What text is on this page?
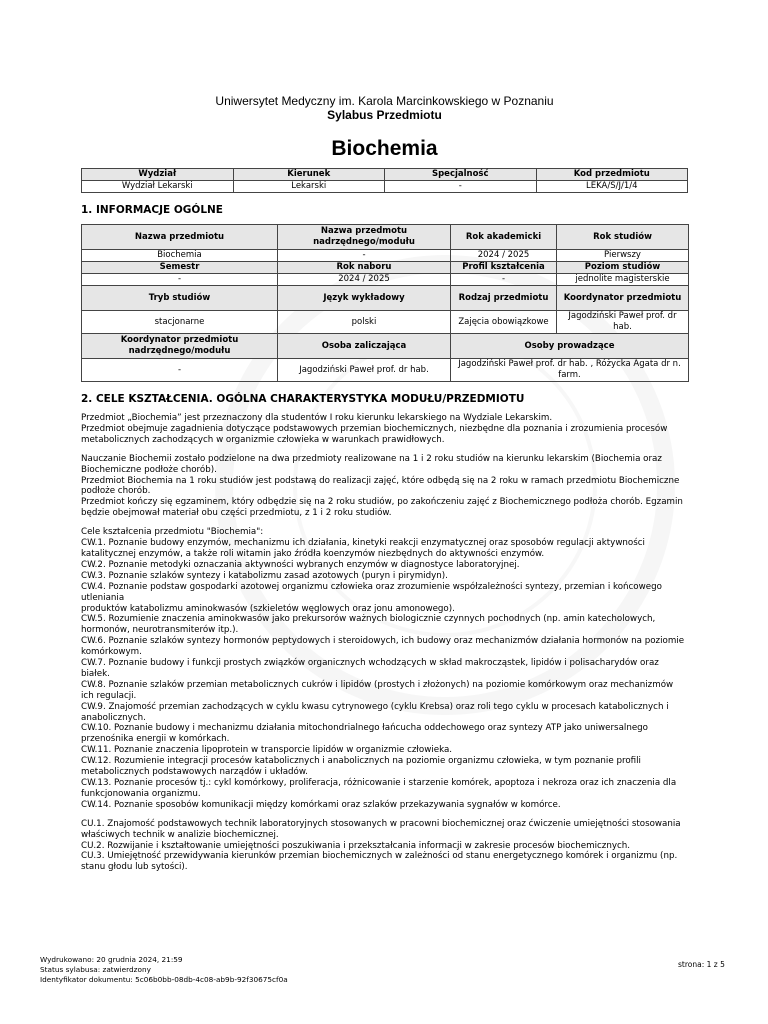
Uniwersytet Medyczny im. Karola Marcinkowskiego w Poznaniu
Sylabus Przedmiotu
Biochemia
Wydział	Kierunek	Specjalność	Kod przedmiotu
Wydział Lekarski	Lekarski	-	LEKA/S/J/1/4
1. INFORMACJE OGÓLNE
Nazwa przedmiotu	Nazwa przedmotu nadrzędnego/modułu	Rok akademicki	Rok studiów
Biochemia	-	2024 / 2025	Pierwszy
Semestr	Rok naboru	Profil kształcenia	Poziom studiów
-	2024 / 2025	-	jednolite magisterskie
Tryb studiów	Język wykładowy	Rodzaj przedmiotu	Koordynator przedmiotu
stacjonarne	polski	Zajęcia obowiązkowe	Jagodziński Paweł prof. dr hab.
Koordynator przedmiotu nadrzędnego/modułu	Osoba zaliczająca	Osoby prowadzące	
-	Jagodziński Paweł prof. dr hab.	Jagodziński Paweł prof. dr hab. , Różycka Agata dr n. farm.	
2. CELE KSZTAŁCENIA. OGÓLNA CHARAKTERYSTYKA MODUŁU/PRZEDMIOTU

Przedmiot „Biochemia” jest przeznaczony dla studentów I roku kierunku lekarskiego na Wydziale Lekarskim.

Przedmiot obejmuje zagadnienia dotyczące podstawowych przemian biochemicznych, niezbędne dla poznania i zrozumienia procesów metabolicznych zachodzących w organizmie człowieka w warunkach prawidłowych.

Nauczanie Biochemii zostało podzielone na dwa przedmioty realizowane na 1 i 2 roku studiów na kierunku lekarskim (Biochemia oraz Biochemiczne podłoże chorób).

Przedmiot Biochemia na 1 roku studiów jest podstawą do realizacji zajęć, które odbędą się na 2 roku w ramach przedmiotu Biochemiczne podłoże chorób.

Przedmiot kończy się egzaminem, który odbędzie się na 2 roku studiów, po zakończeniu zajęć z Biochemicznego podłoża chorób. Egzamin będzie obejmował materiał obu części przedmiotu, z 1 i 2 roku studiów.

Cele kształcenia przedmiotu "Biochemia":

CW.1. Poznanie budowy enzymów, mechanizmu ich działania, kinetyki reakcji enzymatycznej oraz sposobów regulacji aktywności

katalitycznej enzymów, a także roli witamin jako źródła koenzymów niezbędnych do aktywności enzymów.

CW.2. Poznanie metodyki oznaczania aktywności wybranych enzymów w diagnostyce laboratoryjnej.

CW.3. Poznanie szlaków syntezy i katabolizmu zasad azotowych (puryn i pirymidyn).

CW.4. Poznanie podstaw gospodarki azotowej organizmu człowieka oraz zrozumienie współzależności syntezy, przemian i końcowego utleniania

produktów katabolizmu aminokwasów (szkieletów węglowych oraz jonu amonowego).

CW.5. Rozumienie znaczenia aminokwasów jako prekursorów ważnych biologicznie czynnych pochodnych (np. amin katecholowych, hormonów, neurotransmiterów itp.).

CW.6. Poznanie szlaków syntezy hormonów peptydowych i steroidowych, ich budowy oraz mechanizmów działania hormonów na poziomie komórkowym.

CW.7. Poznanie budowy i funkcji prostych związków organicznych wchodzących w skład makrocząstek, lipidów i polisacharydów oraz białek.

CW.8. Poznanie szlaków przemian metabolicznych cukrów i lipidów (prostych i złożonych) na poziomie komórkowym oraz mechanizmów ich regulacji.

CW.9. Znajomość przemian zachodzących w cyklu kwasu cytrynowego (cyklu Krebsa) oraz roli tego cyklu w procesach katabolicznych i anabolicznych.

CW.10. Poznanie budowy i mechanizmu działania mitochondrialnego łańcucha oddechowego oraz syntezy ATP jako uniwersalnego przenośnika energii w komórkach.

CW.11. Poznanie znaczenia lipoprotein w transporcie lipidów w organizmie człowieka.

CW.12. Rozumienie integracji procesów katabolicznych i anabolicznych na poziomie organizmu człowieka, w tym poznanie profili metabolicznych podstawowych narządów i układów.

CW.13. Poznanie procesów tj.: cykl komórkowy, proliferacja, różnicowanie i starzenie komórek, apoptoza i nekroza oraz ich znaczenia dla funkcjonowania organizmu.

CW.14. Poznanie sposobów komunikacji między komórkami oraz szlaków przekazywania sygnałów w komórce.

CU.1. Znajomość podstawowych technik laboratoryjnych stosowanych w pracowni biochemicznej oraz ćwiczenie umiejętności stosowania

właściwych technik w analizie biochemicznej.

CU.2. Rozwijanie i kształtowanie umiejętności poszukiwania i przekształcania informacji w zakresie procesów biochemicznych.

CU.3. Umiejętność przewidywania kierunków przemian biochemicznych w zależności od stanu energetycznego komórek i organizmu (np. stanu głodu lub sytości).

Wydrukowano: 20 grudnia 2024, 21:59
Status sylabusa: zatwierdzony
Identyfikator dokumentu: 5c06b0bb-08db-4c08-ab9b-92f30675cf0a
strona: 1 z 5
